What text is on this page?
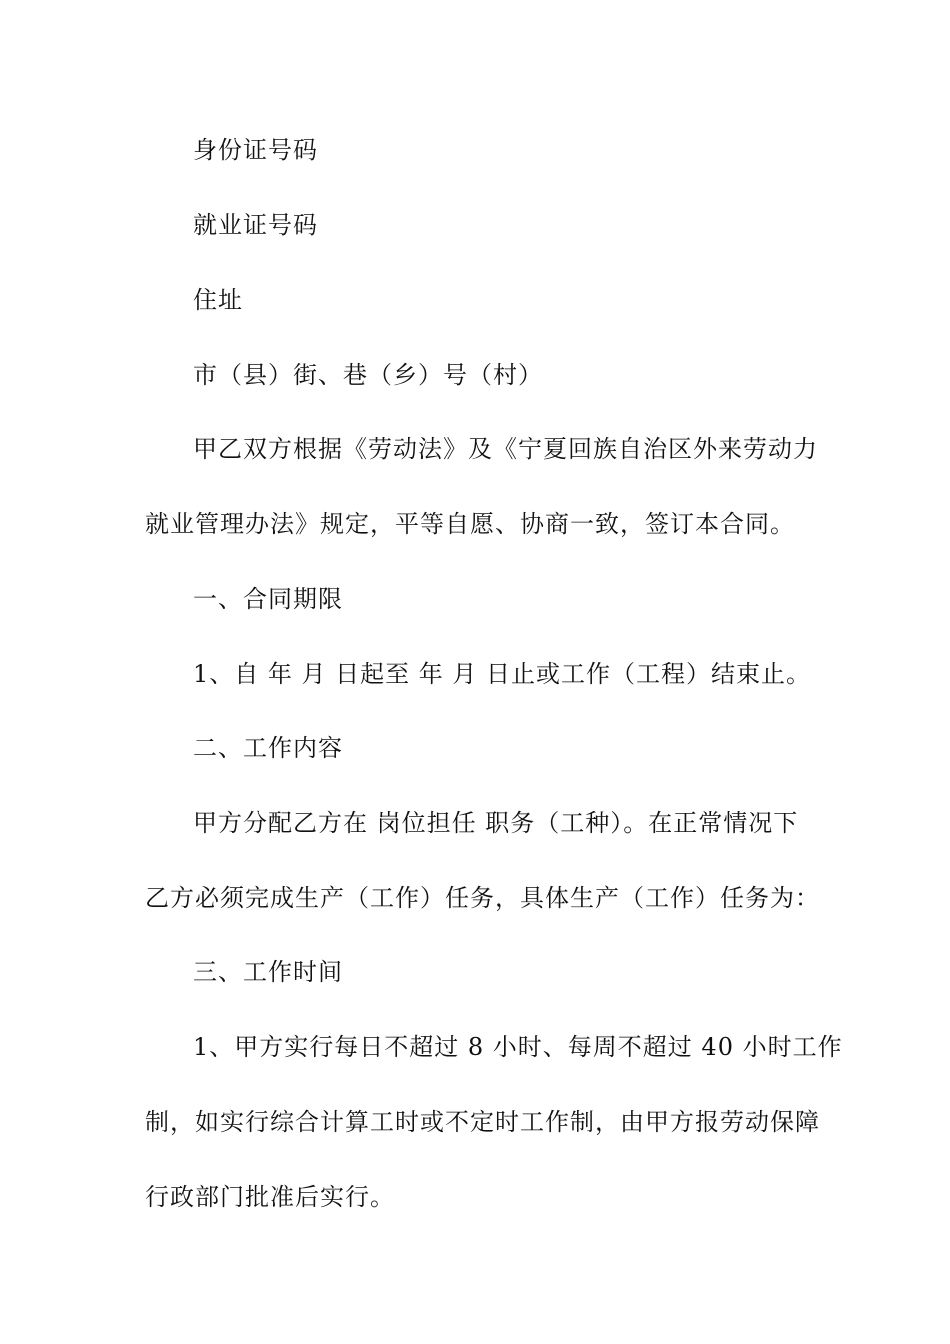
身份证号码
就业证号码
住址
市（县）街、巷（乡）号（村）
甲乙双方根据《劳动法》及《宁夏回族自治区外来劳动力
就业管理办法》规定，平等自愿、协商一致，签订本合同。
一、合同期限
1、自 年 月 日起至 年 月 日止或工作（工程）结束止。
二、工作内容
甲方分配乙方在 岗位担任 职务（工种）。在正常情况下
乙方必须完成生产（工作）任务，具体生产（工作）任务为：
三、工作时间
1、甲方实行每日不超过 8 小时、每周不超过 40 小时工作
制，如实行综合计算工时或不定时工作制，由甲方报劳动保障
行政部门批准后实行。
